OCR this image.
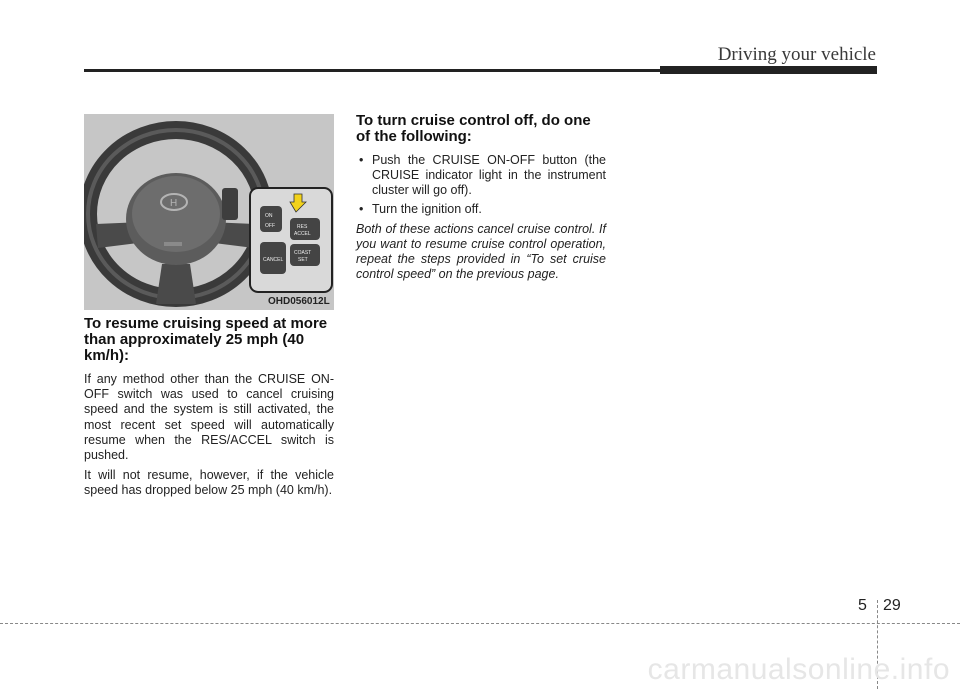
Driving your vehicle
H
ON
OFF
CANCEL
RES
ACCEL
COAST
SET
OHD056012L
To resume cruising speed at more than approximately 25 mph (40 km/h):

If any method other than the CRUISE ON-OFF switch was used to cancel cruising speed and the system is still activated, the most recent set speed will automatically resume when the RES/ACCEL switch is pushed.

It will not resume, however, if the vehicle speed has dropped below 25 mph (40 km/h).

To turn cruise control off, do one of the following:
• Push the CRUISE ON-OFF button (the CRUISE indicator light in the instrument cluster will go off).
• Turn the ignition off.

Both of these actions cancel cruise control. If you want to resume cruise control operation, repeat the steps provided in “To set cruise control speed” on the previous page.

5 29
carmanualsonline.info
